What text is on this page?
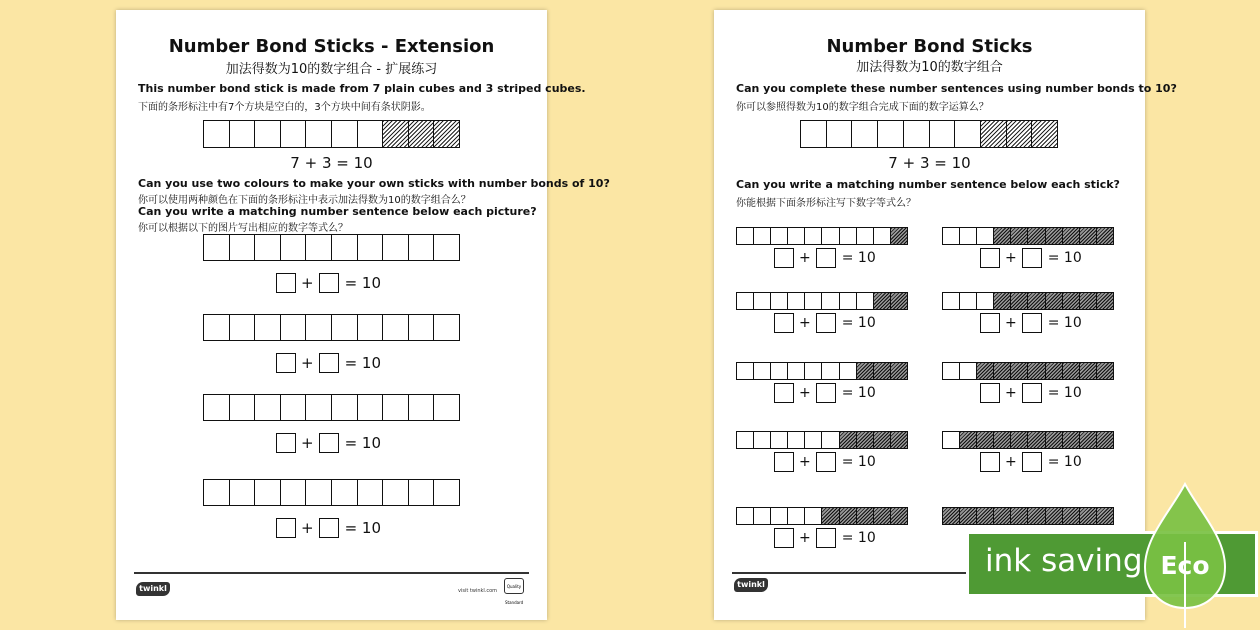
Number Bond Sticks - Extension
加法得数为10的数字组合 - 扩展练习
This number bond stick is made from 7 plain cubes and 3 striped cubes.
下面的条形标注中有7个方块是空白的，3个方块中间有条状阴影。
7 + 3 = 10
Can you use two colours to make your own sticks with number bonds of 10?
你可以使用两种颜色在下面的条形标注中表示加法得数为10的数字组合么？
Can you write a matching number sentence below each picture?
你可以根据以下的图片写出相应的数字等式么？
twinkl	visit twinkl.com
Quality Standard
+ = 10
+ = 10
+ = 10
+ = 10
Number Bond Sticks
加法得数为10的数字组合
Can you complete these number sentences using number bonds to 10?
你可以参照得数为10的数字组合完成下面的数字运算么？
7 + 3 = 10
Can you write a matching number sentence below each stick?
你能根据下面条形标注写下数字等式么？
twinkl
+ = 10	+ = 10
+ = 10	+ = 10
+ = 10	+ = 10
+ = 10	+ = 10
+ = 10
ink saving Eco
